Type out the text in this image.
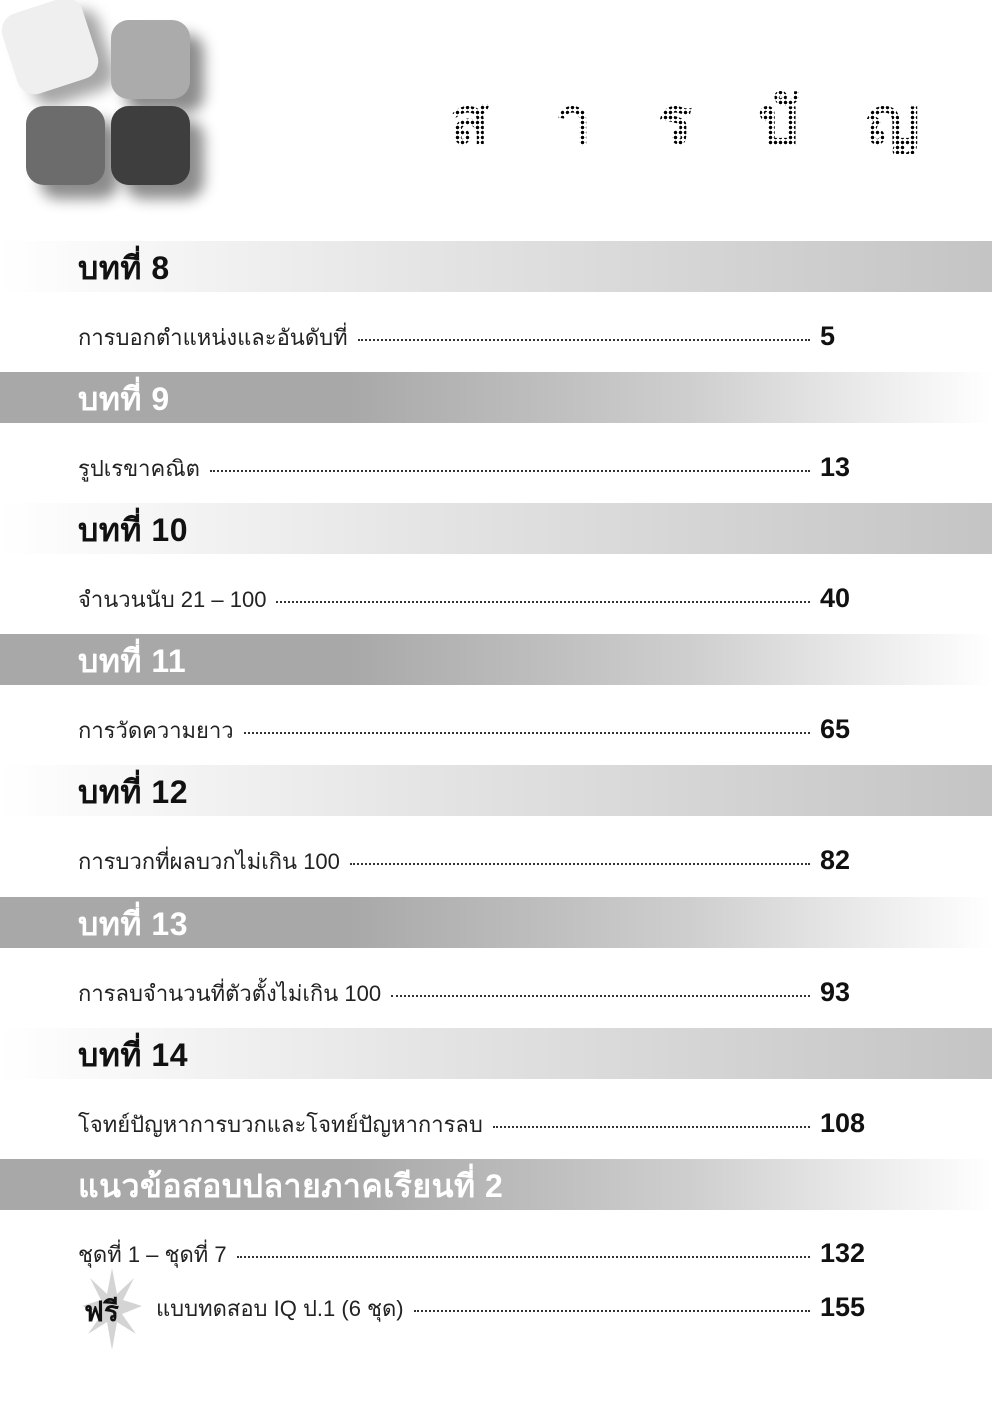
ส า ร บั ญ
บทที่ 8
การบอกตำแหน่งและอันดับที่	5
บทที่ 9
รูปเรขาคณิต	13
บทที่ 10
จำนวนนับ 21 – 100	40
บทที่ 11
การวัดความยาว	65
บทที่ 12
การบวกที่ผลบวกไม่เกิน 100	82
บทที่ 13
การลบจำนวนที่ตัวตั้งไม่เกิน 100	93
บทที่ 14
โจทย์ปัญหาการบวกและโจทย์ปัญหาการลบ	108
แนวข้อสอบปลายภาคเรียนที่ 2
ชุดที่ 1 – ชุดที่ 7	132
ฟรี แบบทดสอบ IQ ป.1 (6 ชุด)	155
